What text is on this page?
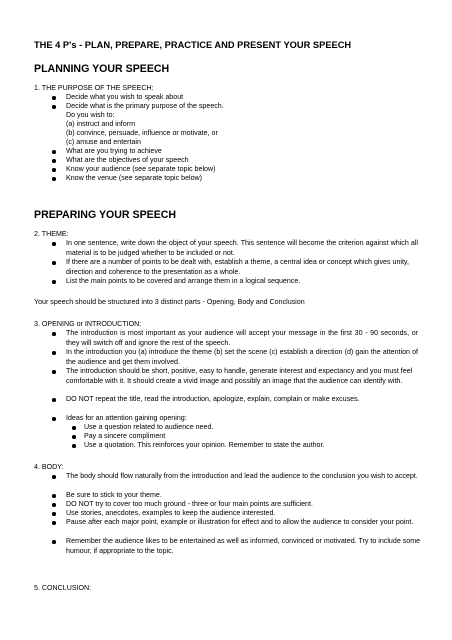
THE 4 P's - PLAN, PREPARE, PRACTICE AND PRESENT YOUR SPEECH
PLANNING YOUR SPEECH
1. THE PURPOSE OF THE SPEECH:
Decide what you wish to speak about
Decide what is the primary purpose of the speech.
Do you wish to:
(a) instruct and inform
(b) convince, persuade, influence or motivate, or
(c) amuse and entertain
What are you trying to achieve
What are the objectives of your speech
Know your audience (see separate topic below)
Know the venue (see separate topic below)
PREPARING YOUR SPEECH
2. THEME:
In one sentence, write down the object of your speech. This sentence will become the criterion against which all material is to be judged whether to be included or not.
If there are a number of points to be dealt with, establish a theme, a central idea or concept which gives unity, direction and coherence to the presentation as a whole.
List the main points to be covered and arrange them in a logical sequence.
Your speech should be structured into 3 distinct parts - Opening, Body and Conclusion
3. OPENING or INTRODUCTION:
The introduction is most important as your audience will accept your message in the first 30 - 90 seconds, or they will switch off and ignore the rest of the speech.
In the introduction you (a) introduce the theme (b) set the scene (c) establish a direction (d) gain the attention of the audience and get them involved.
The introduction should be short, positive, easy to handle, generate interest and expectancy and you must feel comfortable with it. It should create a vivid image and possibly an image that the audience can identify with.
DO NOT repeat the title, read the introduction, apologize, explain, complain or make excuses.
Ideas for an attention gaining opening:
Use a question related to audience need.
Pay a sincere compliment
Use a quotation. This reinforces your opinion. Remember to state the author.
4. BODY:
The body should flow naturally from the introduction and lead the audience to the conclusion you wish to accept.
Be sure to stick to your theme.
DO NOT try to cover too much ground - three or four main points are sufficient.
Use stories, anecdotes, examples to keep the audience interested.
Pause after each major point, example or illustration for effect and to allow the audience to consider your point.
Remember the audience likes to be entertained as well as informed, convinced or motivated. Try to include some humour, if appropriate to the topic.
5. CONCLUSION:
